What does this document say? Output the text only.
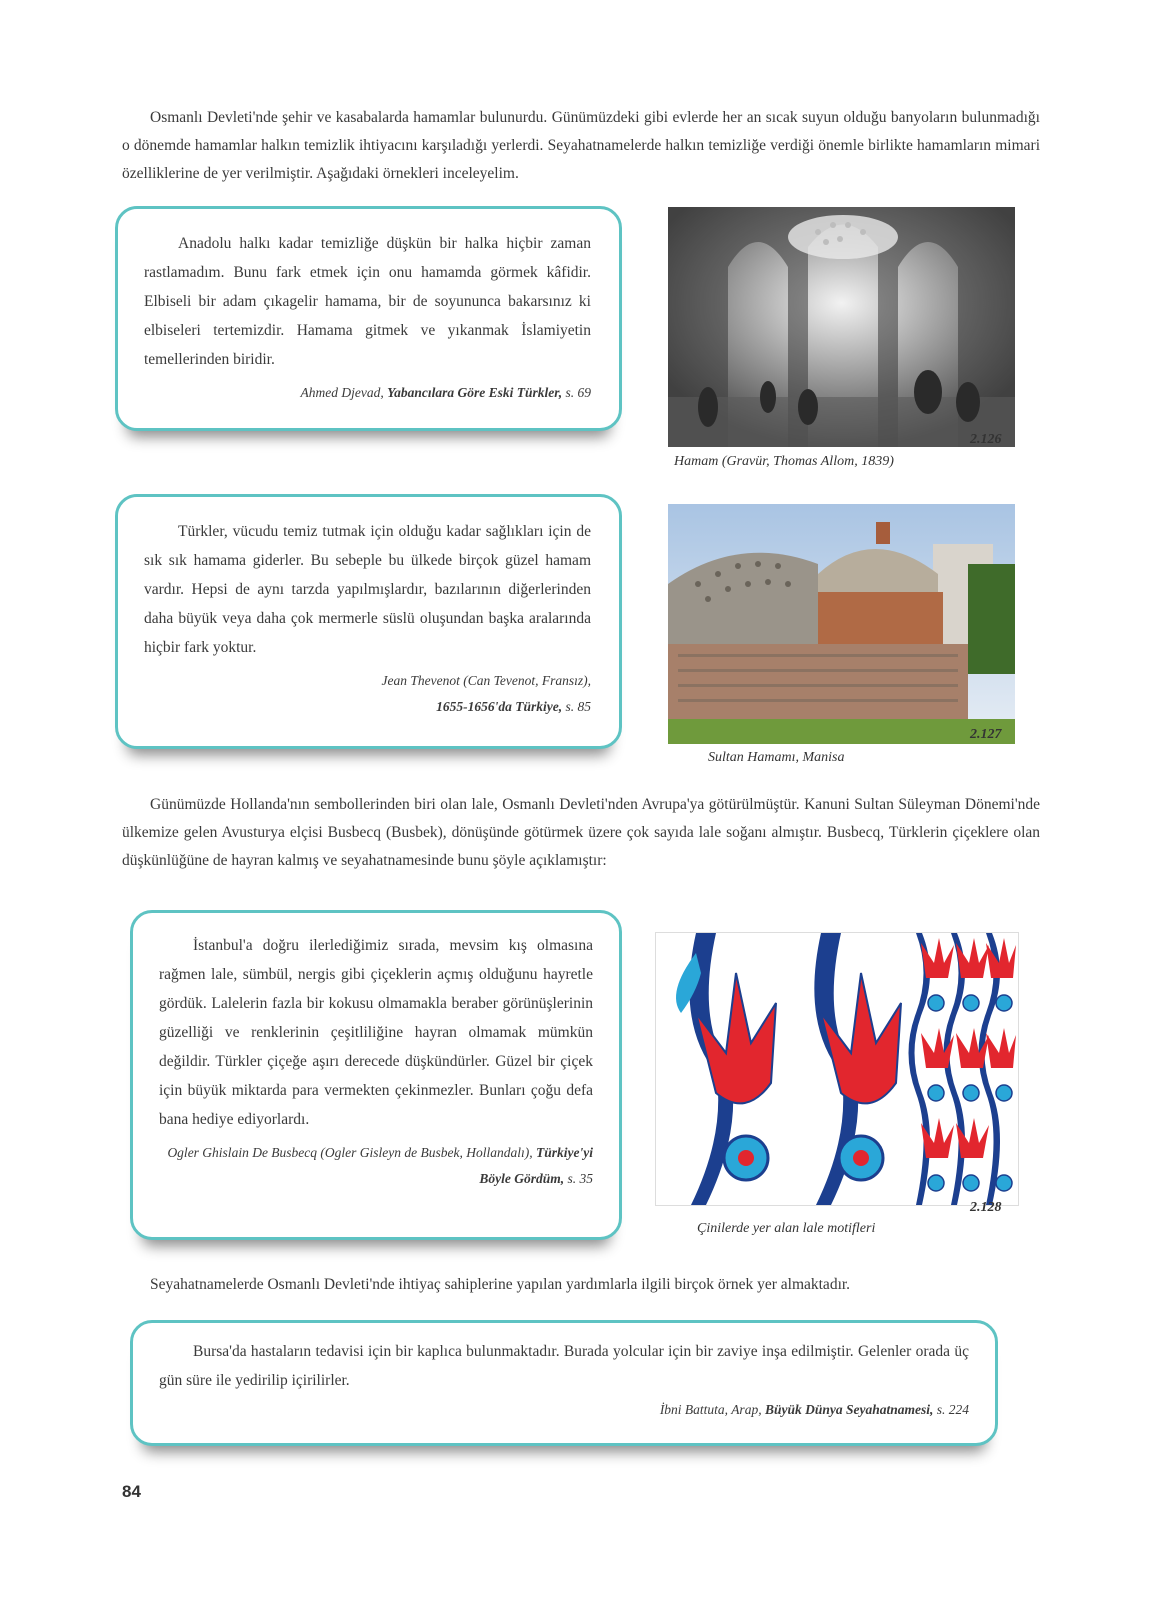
Osmanlı Devleti'nde şehir ve kasabalarda hamamlar bulunurdu. Günümüzdeki gibi evlerde her an sıcak suyun olduğu banyoların bulunmadığı o dönemde hamamlar halkın temizlik ihtiyacını karşıladığı yerlerdi. Seyahatnamelerde halkın temizliğe verdiği önemle birlikte hamamların mimari özelliklerine de yer verilmiştir. Aşağıdaki örnekleri inceleyelim.

Anadolu halkı kadar temizliğe düşkün bir halka hiçbir zaman rastlamadım. Bunu fark etmek için onu hamamda görmek kâfidir. Elbiseli bir adam çıkagelir hamama, bir de soyununca bakarsınız ki elbiseleri tertemizdir. Hamama gitmek ve yıkanmak İslamiyetin temellerinden biridir.

Ahmed Djevad, Yabancılara Göre Eski Türkler, s. 69
2.126
Hamam (Gravür, Thomas Allom, 1839)

Türkler, vücudu temiz tutmak için olduğu kadar sağlıkları için de sık sık hamama giderler. Bu sebeple bu ülkede birçok güzel hamam vardır. Hepsi de aynı tarzda yapılmışlardır, bazılarının diğerlerinden daha büyük veya daha çok mermerle süslü oluşundan başka aralarında hiçbir fark yoktur.

Jean Thevenot (Can Tevenot, Fransız),
1655-1656'da Türkiye, s. 85
2.127
Sultan Hamamı, Manisa

Günümüzde Hollanda'nın sembollerinden biri olan lale, Osmanlı Devleti'nden Avrupa'ya götürülmüştür. Kanuni Sultan Süleyman Dönemi'nde ülkemize gelen Avusturya elçisi Busbecq (Busbek), dönüşünde götürmek üzere çok sayıda lale soğanı almıştır. Busbecq, Türklerin çiçeklere olan düşkünlüğüne de hayran kalmış ve seyahatnamesinde bunu şöyle açıklamıştır:

İstanbul'a doğru ilerlediğimiz sırada, mevsim kış olmasına rağmen lale, sümbül, nergis gibi çiçeklerin açmış olduğunu hayretle gördük. Lalelerin fazla bir kokusu olmamakla beraber görünüşlerinin güzelliği ve renklerinin çeşitliliğine hayran olmamak mümkün değildir. Türkler çiçeğe aşırı derecede düşkündürler. Güzel bir çiçek için büyük miktarda para vermekten çekinmezler. Bunları çoğu defa bana hediye ediyorlardı.

Ogler Ghislain De Busbecq (Ogler Gisleyn de Busbek, Hollandalı), Türkiye'yi Böyle Gördüm, s. 35
2.128
Çinilerde yer alan lale motifleri

Seyahatnamelerde Osmanlı Devleti'nde ihtiyaç sahiplerine yapılan yardımlarla ilgili birçok örnek yer almaktadır.

Bursa'da hastaların tedavisi için bir kaplıca bulunmaktadır. Burada yolcular için bir zaviye inşa edilmiştir. Gelenler orada üç gün süre ile yedirilip içirilirler.

İbni Battuta, Arap, Büyük Dünya Seyahatnamesi, s. 224
84
